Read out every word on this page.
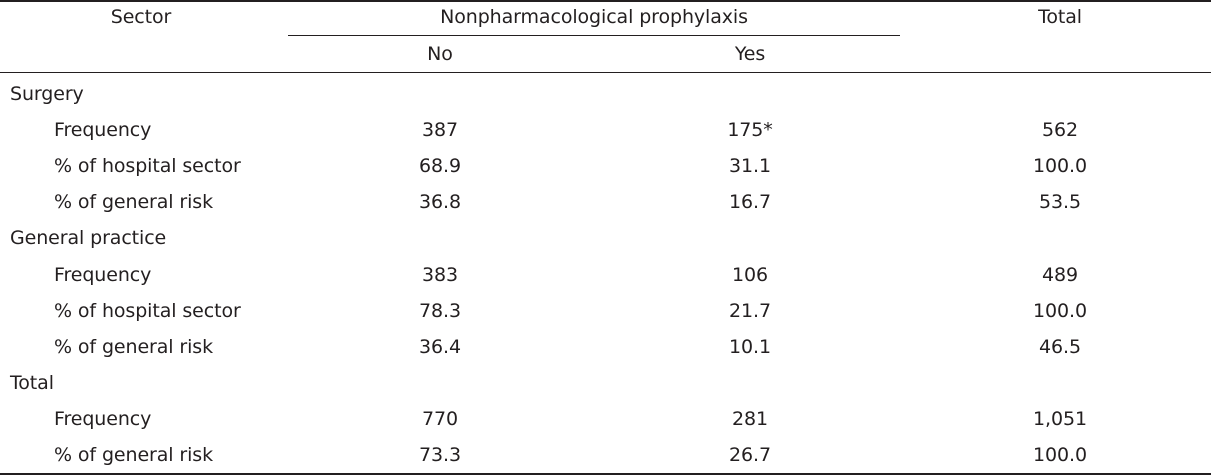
Sector	Nonpharmacological prophylaxis	Total
No	Yes
Surgery
Frequency	387	175*	562
% of hospital sector	68.9	31.1	100.0
% of general risk	36.8	16.7	53.5
General practice
Frequency	383	106	489
% of hospital sector	78.3	21.7	100.0
% of general risk	36.4	10.1	46.5
Total
Frequency	770	281	1,051
% of general risk	73.3	26.7	100.0
